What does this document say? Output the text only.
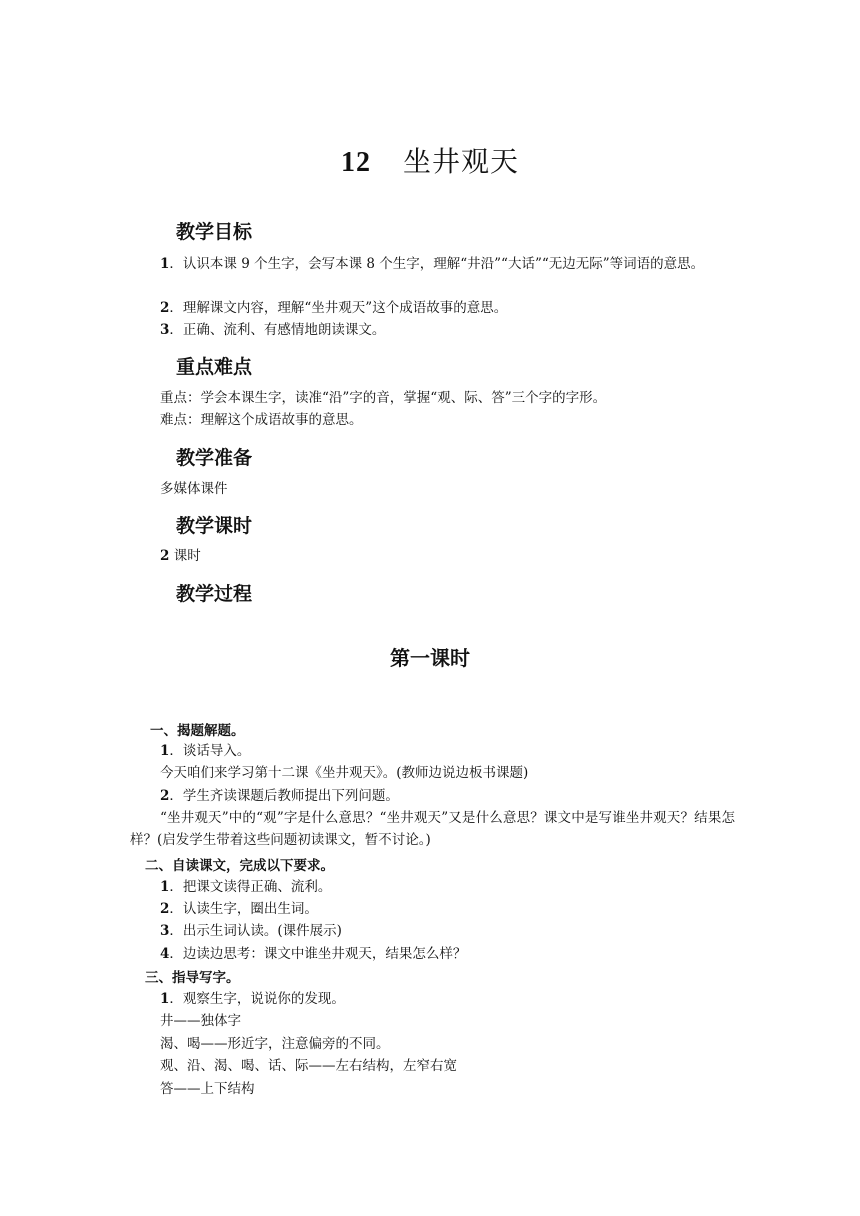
12 坐井观天
教学目标
1．认识本课 9 个生字，会写本课 8 个生字，理解“井沿”“大话”“无边无际”等词语的意思。
2．理解课文内容，理解“坐井观天”这个成语故事的意思。
3．正确、流利、有感情地朗读课文。
重点难点
重点：学会本课生字，读准“沿”字的音，掌握“观、际、答”三个字的字形。
难点：理解这个成语故事的意思。
教学准备
多媒体课件
教学课时
2 课时
教学过程
第一课时
一、揭题解题。
1．谈话导入。
今天咱们来学习第十二课《坐井观天》。(教师边说边板书课题)
2．学生齐读课题后教师提出下列问题。
“坐井观天”中的“观”字是什么意思？“坐井观天”又是什么意思？课文中是写谁坐井观天？结果怎样？(启发学生带着这些问题初读课文，暂不讨论。)
二、自读课文，完成以下要求。
1．把课文读得正确、流利。
2．认读生字，圈出生词。
3．出示生词认读。(课件展示)
4．边读边思考：课文中谁坐井观天，结果怎么样？
三、指导写字。
1．观察生字，说说你的发现。
井——独体字
渴、喝——形近字，注意偏旁的不同。
观、沿、渴、喝、话、际——左右结构，左窄右宽
答——上下结构
